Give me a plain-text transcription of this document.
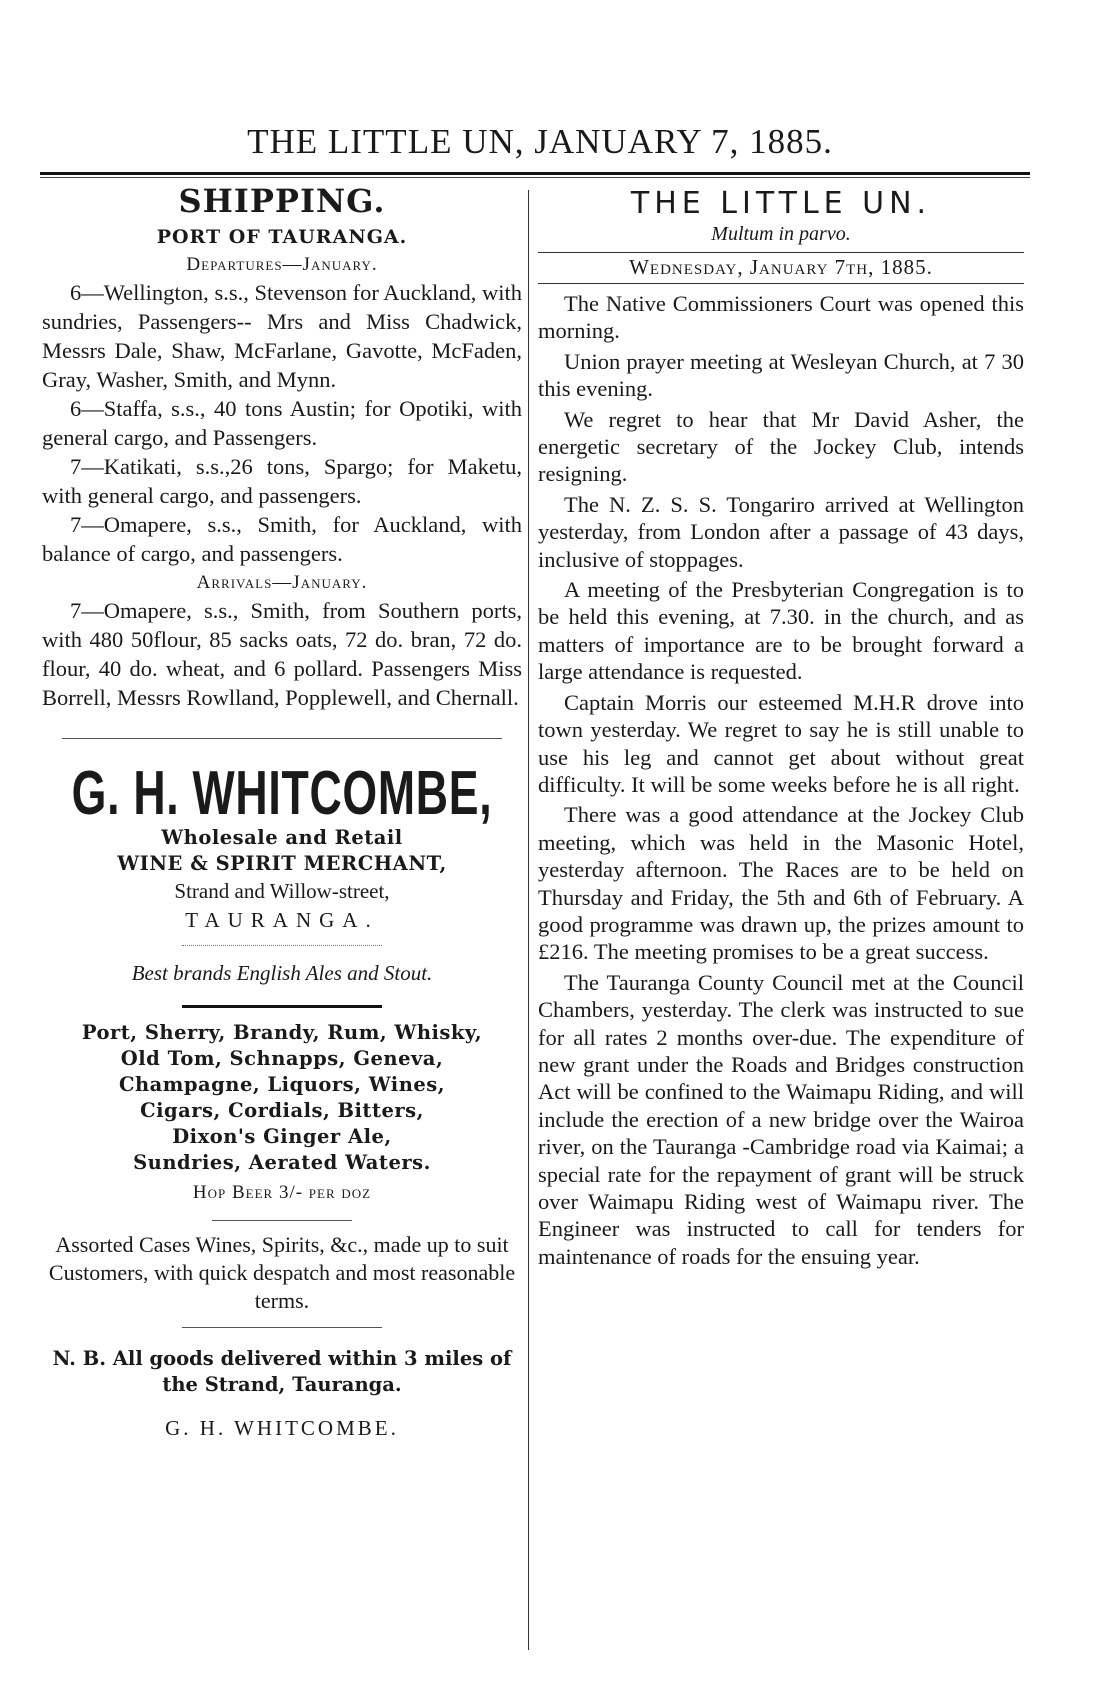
THE LITTLE UN, JANUARY 7, 1885.
SHIPPING.
PORT OF TAURANGA.
Departures—January.

6—Wellington, s.s., Stevenson for Auckland, with sundries, Passengers-- Mrs and Miss Chadwick, Messrs Dale, Shaw, McFarlane, Gavotte, McFaden, Gray, Washer, Smith, and Mynn.

6—Staffa, s.s., 40 tons Austin; for Opotiki, with general cargo, and Passengers.

7—Katikati, s.s.,26 tons, Spargo; for Maketu, with general cargo, and passengers.

7—Omapere, s.s., Smith, for Auckland, with balance of cargo, and passengers.

Arrivals—January.

7—Omapere, s.s., Smith, from Southern ports, with 480 50flour, 85 sacks oats, 72 do. bran, 72 do. flour, 40 do. wheat, and 6 pollard. Passengers Miss Borrell, Messrs Rowlland, Popplewell, and Chernall.

G. H. WHITCOMBE,
Wholesale and Retail
WINE & SPIRIT MERCHANT,
Strand and Willow-street,
TAURANGA.
Best brands English Ales and Stout.
Port, Sherry, Brandy, Rum, Whisky,
Old Tom, Schnapps, Geneva,
Champagne, Liquors, Wines,
Cigars, Cordials, Bitters,
Dixon's Ginger Ale,
Sundries, Aerated Waters.
Hop Beer 3/- per doz
Assorted Cases Wines, Spirits, &c., made up to suit Customers, with quick despatch and most reasonable terms.
N. B. All goods delivered within 3 miles of the Strand, Tauranga.
G. H. WHITCOMBE.
THE LITTLE UN.
Multum in parvo.
Wednesday, January 7th, 1885.

The Native Commissioners Court was opened this morning.

Union prayer meeting at Wesleyan Church, at 7 30 this evening.

We regret to hear that Mr David Asher, the energetic secretary of the Jockey Club, intends resigning.

The N. Z. S. S. Tongariro arrived at Wellington yesterday, from London after a passage of 43 days, inclusive of stoppages.

A meeting of the Presbyterian Congregation is to be held this evening, at 7.30. in the church, and as matters of importance are to be brought forward a large attendance is requested.

Captain Morris our esteemed M.H.R drove into town yesterday. We regret to say he is still unable to use his leg and cannot get about without great difficulty. It will be some weeks before he is all right.

There was a good attendance at the Jockey Club meeting, which was held in the Masonic Hotel, yesterday afternoon. The Races are to be held on Thursday and Friday, the 5th and 6th of February. A good programme was drawn up, the prizes amount to £216. The meeting promises to be a great success.

The Tauranga County Council met at the Council Chambers, yesterday. The clerk was instructed to sue for all rates 2 months over-due. The expenditure of new grant under the Roads and Bridges construction Act will be confined to the Waimapu Riding, and will include the erection of a new bridge over the Wairoa river, on the Tauranga -Cambridge road via Kaimai; a special rate for the repayment of grant will be struck over Waimapu Riding west of Waimapu river. The Engineer was instructed to call for tenders for maintenance of roads for the ensuing year.
